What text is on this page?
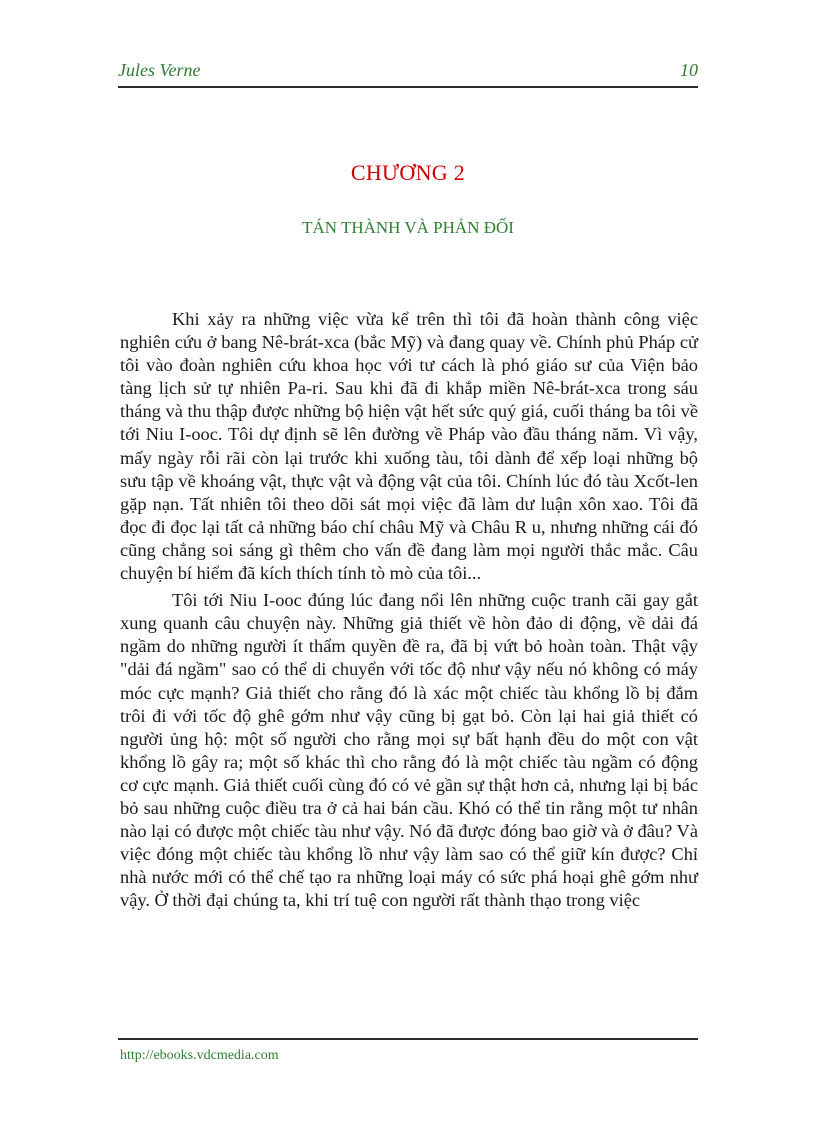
Jules Verne	10
CHƯƠNG 2
TÁN THÀNH VÀ PHẢN ĐỐI

Khi xảy ra những việc vừa kể trên thì tôi đã hoàn thành công việc nghiên cứu ở bang Nê-brát-xca (bắc Mỹ) và đang quay về. Chính phủ Pháp cử tôi vào đoàn nghiên cứu khoa học với tư cách là phó giáo sư của Viện bảo tàng lịch sử tự nhiên Pa-ri. Sau khi đã đi khắp miền Nê-brát-xca trong sáu tháng và thu thập được những bộ hiện vật hết sức quý giá, cuối tháng ba tôi về tới Niu I-ooc. Tôi dự định sẽ lên đường về Pháp vào đầu tháng năm. Vì vậy, mấy ngày rỗi rãi còn lại trước khi xuống tàu, tôi dành để xếp loại những bộ sưu tập về khoáng vật, thực vật và động vật của tôi. Chính lúc đó tàu Xcốt-len gặp nạn. Tất nhiên tôi theo dõi sát mọi việc đã làm dư luận xôn xao. Tôi đã đọc đi đọc lại tất cả những báo chí châu Mỹ và Châu R u, nhưng những cái đó cũng chẳng soi sáng gì thêm cho vấn đề đang làm mọi người thắc mắc. Câu chuyện bí hiểm đã kích thích tính tò mò của tôi...

Tôi tới Niu I-ooc đúng lúc đang nổi lên những cuộc tranh cãi gay gắt xung quanh câu chuyện này. Những giả thiết về hòn đảo di động, về dải đá ngầm do những người ít thẩm quyền đề ra, đã bị vứt bỏ hoàn toàn. Thật vậy "dải đá ngầm" sao có thể di chuyển với tốc độ như vậy nếu nó không có máy móc cực mạnh? Giả thiết cho rằng đó là xác một chiếc tàu khổng lồ bị đắm trôi đi với tốc độ ghê gớm như vậy cũng bị gạt bỏ. Còn lại hai giả thiết có người ủng hộ: một số người cho rằng mọi sự bất hạnh đều do một con vật khổng lồ gây ra; một số khác thì cho rằng đó là một chiếc tàu ngầm có động cơ cực mạnh. Giả thiết cuối cùng đó có vẻ gần sự thật hơn cả, nhưng lại bị bác bỏ sau những cuộc điều tra ở cả hai bán cầu. Khó có thể tin rằng một tư nhân nào lại có được một chiếc tàu như vậy. Nó đã được đóng bao giờ và ở đâu? Và việc đóng một chiếc tàu khổng lồ như vậy làm sao có thể giữ kín được? Chỉ nhà nước mới có thể chế tạo ra những loại máy có sức phá hoại ghê gớm như vậy. Ở thời đại chúng ta, khi trí tuệ con người rất thành thạo trong việc

http://ebooks.vdcmedia.com
